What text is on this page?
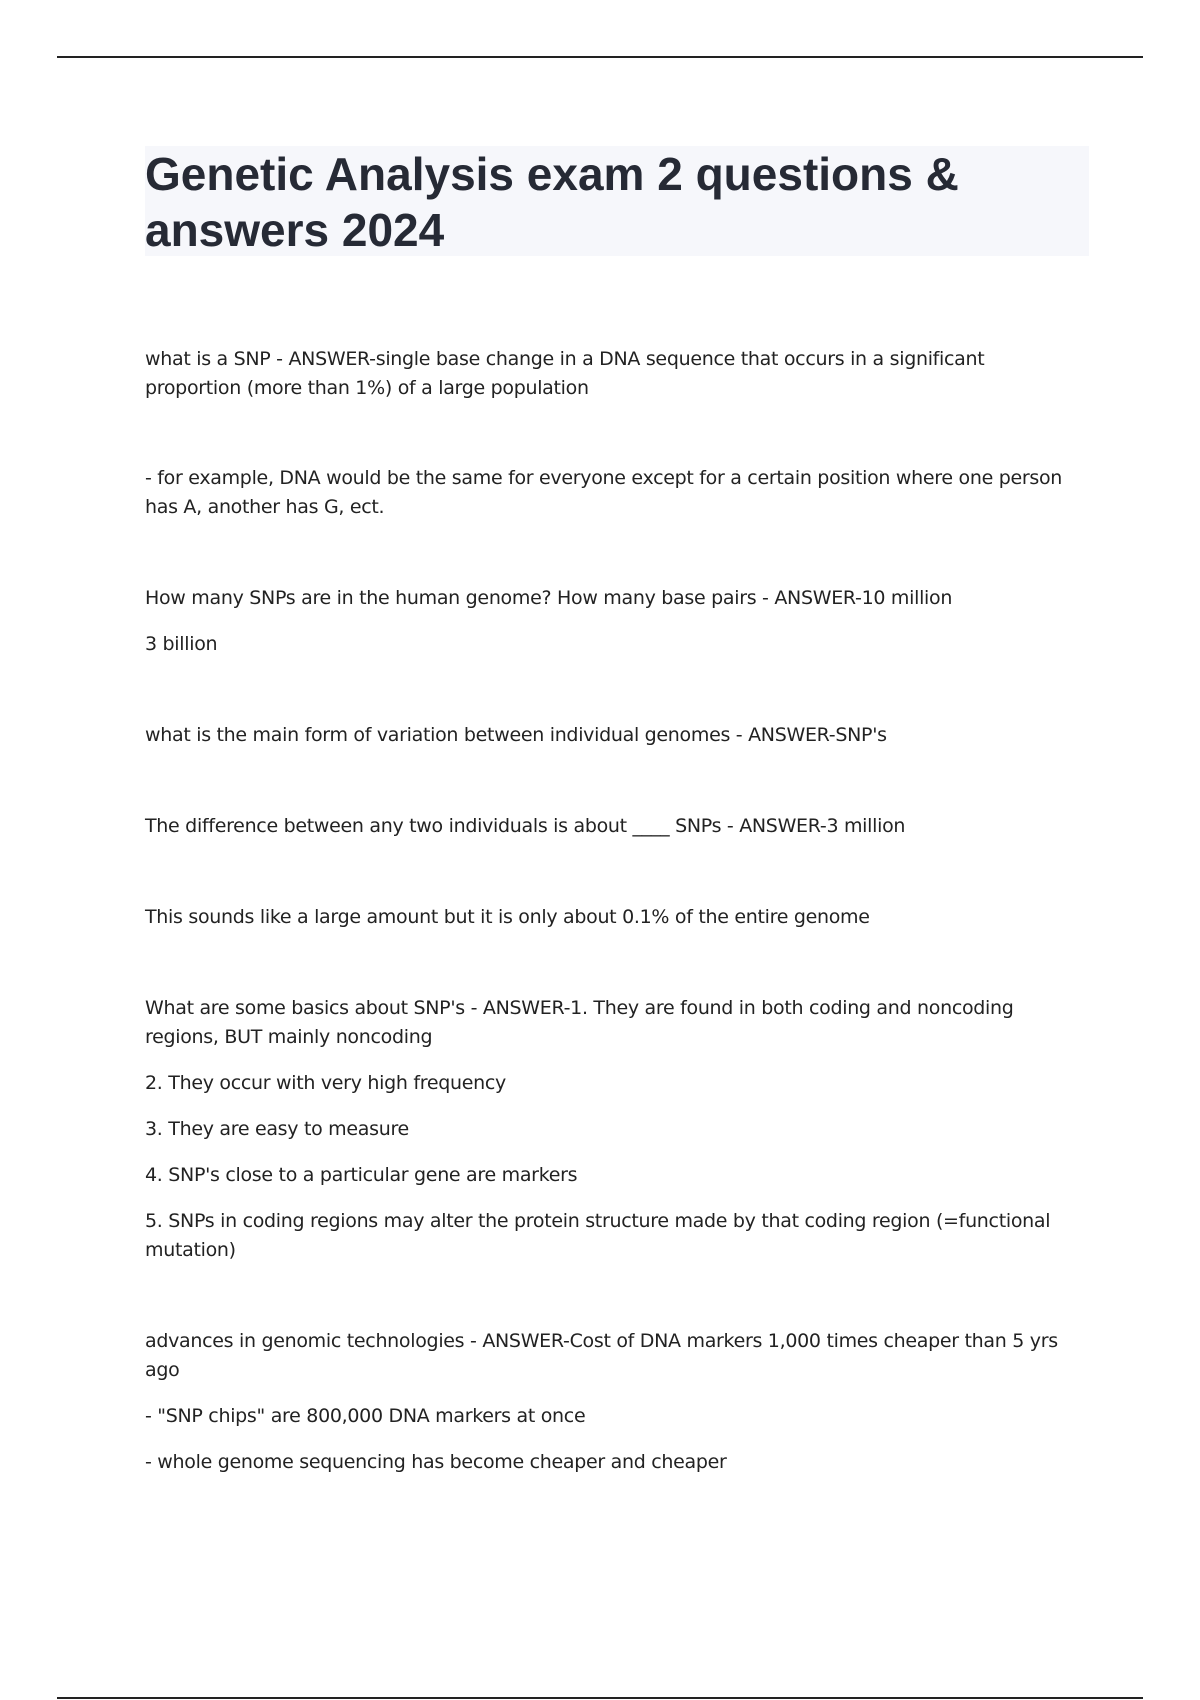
Genetic Analysis exam 2 questions & answers 2024

what is a SNP - ANSWER-single base change in a DNA sequence that occurs in a significant proportion (more than 1%) of a large population

- for example, DNA would be the same for everyone except for a certain position where one person has A, another has G, ect.

How many SNPs are in the human genome? How many base pairs - ANSWER-10 million

3 billion

what is the main form of variation between individual genomes - ANSWER-SNP's

The difference between any two individuals is about ____ SNPs - ANSWER-3 million

This sounds like a large amount but it is only about 0.1% of the entire genome

What are some basics about SNP's - ANSWER-1. They are found in both coding and noncoding regions, BUT mainly noncoding

2. They occur with very high frequency

3. They are easy to measure

4. SNP's close to a particular gene are markers

5. SNPs in coding regions may alter the protein structure made by that coding region (=functional mutation)

advances in genomic technologies - ANSWER-Cost of DNA markers 1,000 times cheaper than 5 yrs ago

- "SNP chips" are 800,000 DNA markers at once

- whole genome sequencing has become cheaper and cheaper
